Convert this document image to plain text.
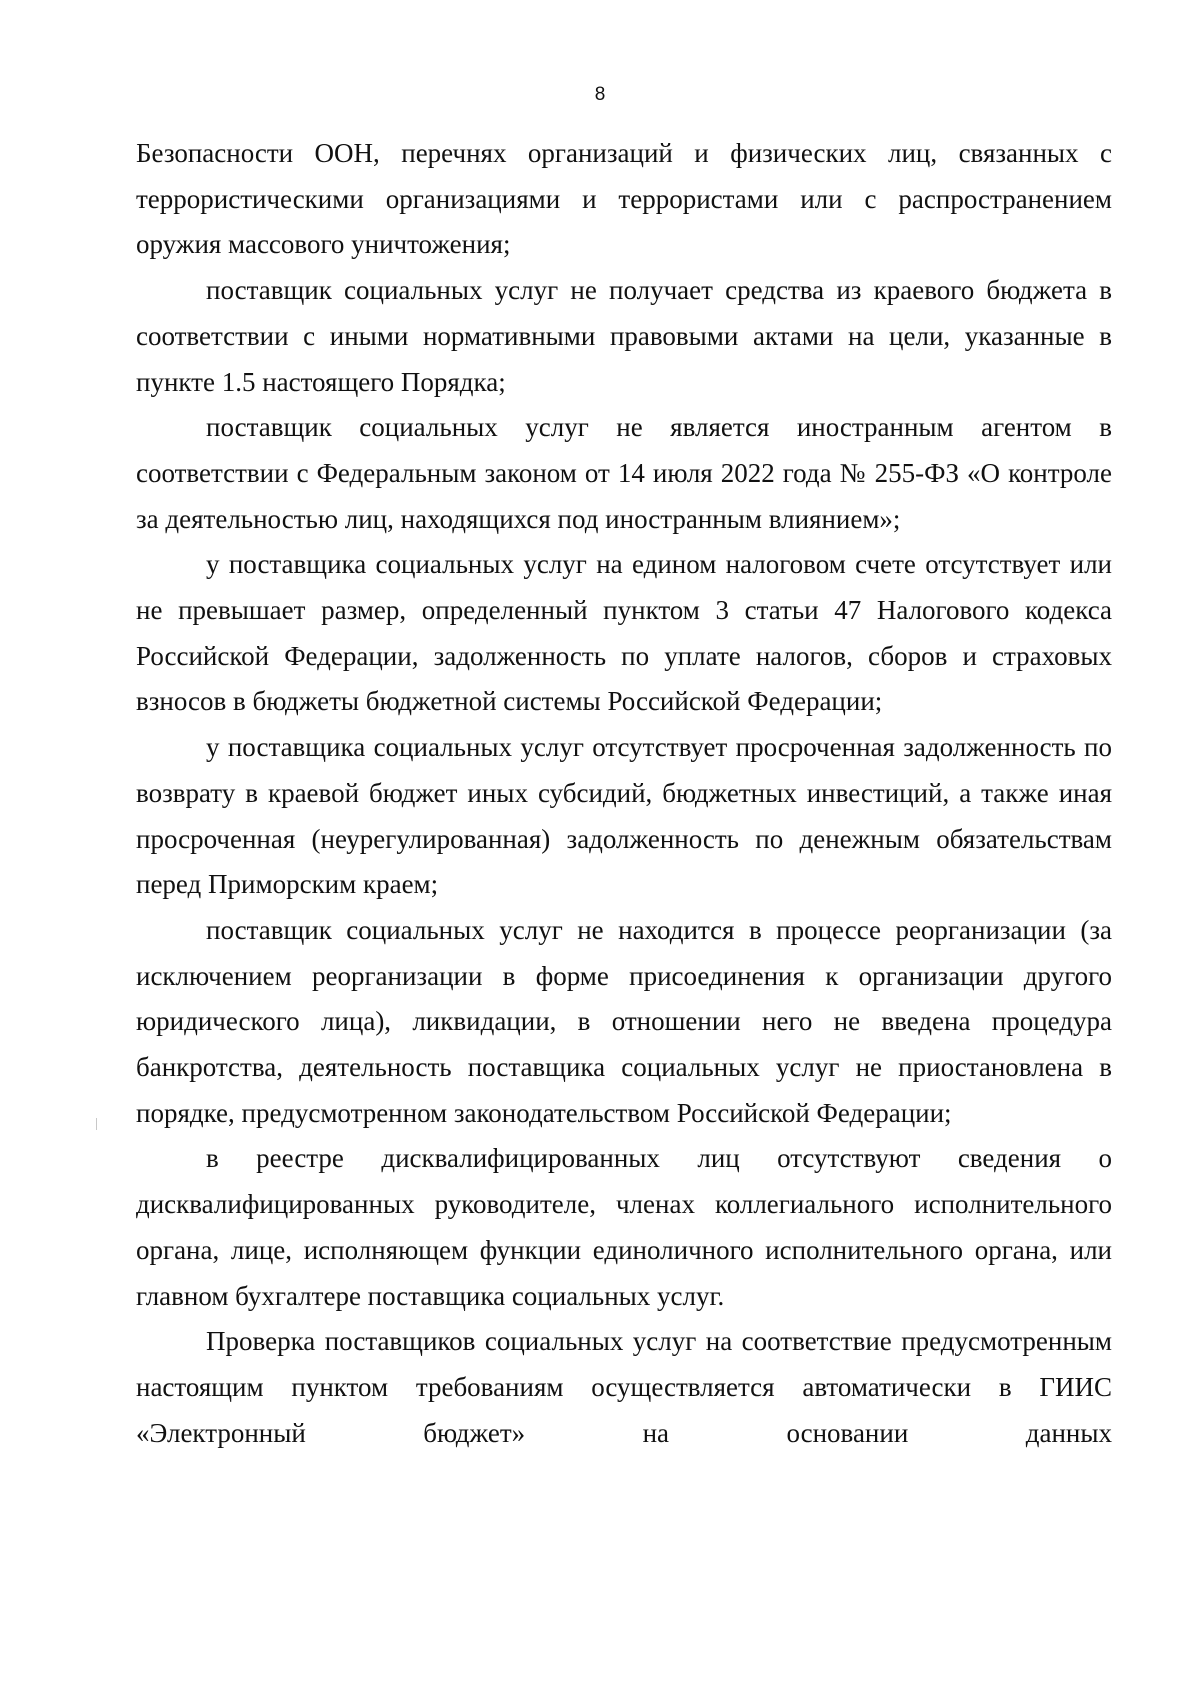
8

Безопасности ООН, перечнях организаций и физических лиц, связанных с террористическими организациями и террористами или с распространением оружия массового уничтожения;

поставщик социальных услуг не получает средства из краевого бюджета в соответствии с иными нормативными правовыми актами на цели, указанные в пункте 1.5 настоящего Порядка;

поставщик социальных услуг не является иностранным агентом в соответствии с Федеральным законом от 14 июля 2022 года № 255-ФЗ «О контроле за деятельностью лиц, находящихся под иностранным влиянием»;

у поставщика социальных услуг на едином налоговом счете отсутствует или не превышает размер, определенный пунктом 3 статьи 47 Налогового кодекса Российской Федерации, задолженность по уплате налогов, сборов и страховых взносов в бюджеты бюджетной системы Российской Федерации;

у поставщика социальных услуг отсутствует просроченная задолженность по возврату в краевой бюджет иных субсидий, бюджетных инвестиций, а также иная просроченная (неурегулированная) задолженность по денежным обязательствам перед Приморским краем;

поставщик социальных услуг не находится в процессе реорганизации (за исключением реорганизации в форме присоединения к организации другого юридического лица), ликвидации, в отношении него не введена процедура банкротства, деятельность поставщика социальных услуг не приостановлена в порядке, предусмотренном законодательством Российской Федерации;

в реестре дисквалифицированных лиц отсутствуют сведения о дисквалифицированных руководителе, членах коллегиального исполнительного органа, лице, исполняющем функции единоличного исполнительного органа, или главном бухгалтере поставщика социальных услуг.

Проверка поставщиков социальных услуг на соответствие предусмотренным настоящим пунктом требованиям осуществляется автоматически в ГИИС «Электронный бюджет» на основании данных
